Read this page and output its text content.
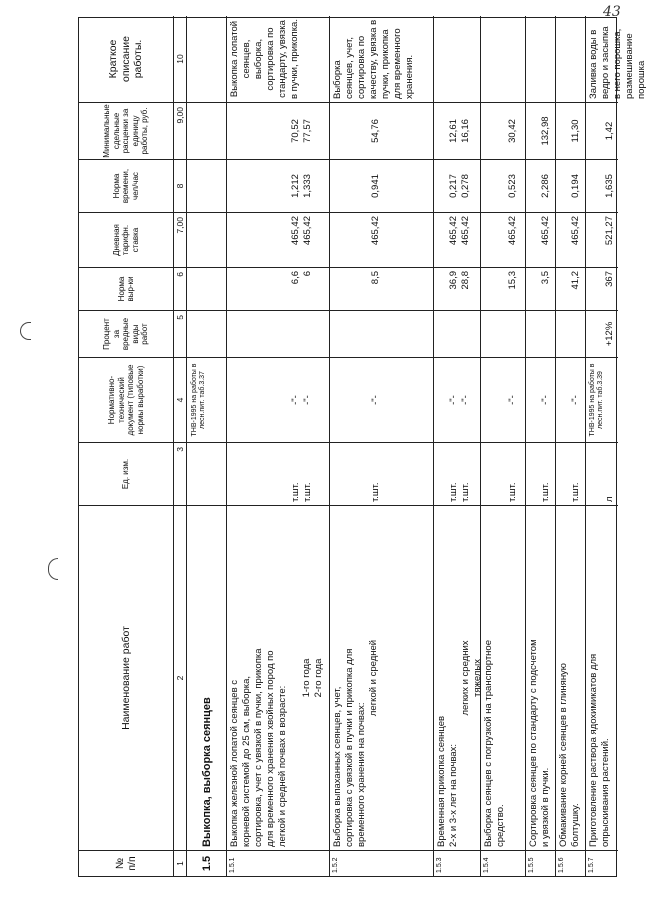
43
№ п/п
Наименование работ
Ед. изм.
Нормативно-технический документ (типовые нормы выработки)
Процент за вредные виды работ
Норма выр-ки
Дневная тарифн. ставка
Норма времени, чел/час
Минимальные сдельные расценки за единицу работы, руб.
Краткое описание работы.
1
2
3
4
5
6
7,00
8
9,00
10
1.5
Выкопка, выборка сеянцев
ТНВ-1995 на работы в лесн.пит. таб.3.37
1.5.1
Выкопка железной лопатой сеянцев с корневой системой до 25 см, выборка, сортировка, учет с увязкой в пучки, прикопка для временного хранения хвойных пород по легкой и средней почвах в возрасте:
1-го года 2-го года
т.шт. т.шт.
-"- -"-
6,6 6
465,42 465,42
1,212 1,333
70,52 77,57
Выкопка лопатой сеянцев, выборка, сортировка по стандарту, увязка в пучки, прикопка.
1.5.2
Выборка выпаханных сеянцев, учет, сортировка с увязкой в пучки и прикопка для временного хранения на почвах:
легкой и средней
т.шт.
-"-
8,5
465,42
0,941
54,76
Выборка сеянцев, учет, сортировка по качеству, увязка в пучки, прикопка для временного хранения.
1.5.3
Временная прикопка сеянцев 2-х и 3-х лет на почвах:
легких и средних тяжелых
т.шт. т.шт.
-"- -"-
36,9 28,8
465,42 465,42
0,217 0,278
12,61 16,16
1.5.4
Выборка сеянцев с погрузкой на транспортное средство.
т.шт.
-"-
15,3
465,42
0,523
30,42
1.5.5
Сортировка сеянцев по стандарту с подсчетом и увязкой в пучки.
т.шт.
-"-
3,5
465,42
2,286
132,98
1.5.6
Обмакивание корней сеянцев в глиняную болтушку.
т.шт.
-"-
41,2
465,42
0,194
11,30
1.5.7
Приготовление раствора ядохимикатов для опрыскивания растений.
л
ТНВ-1995 на работы в лесн.пит. таб.3.39
+12%
367
521,27
1,635
1,42
Заливка воды в ведро и засыпка в него порошка, размешивание порошка
